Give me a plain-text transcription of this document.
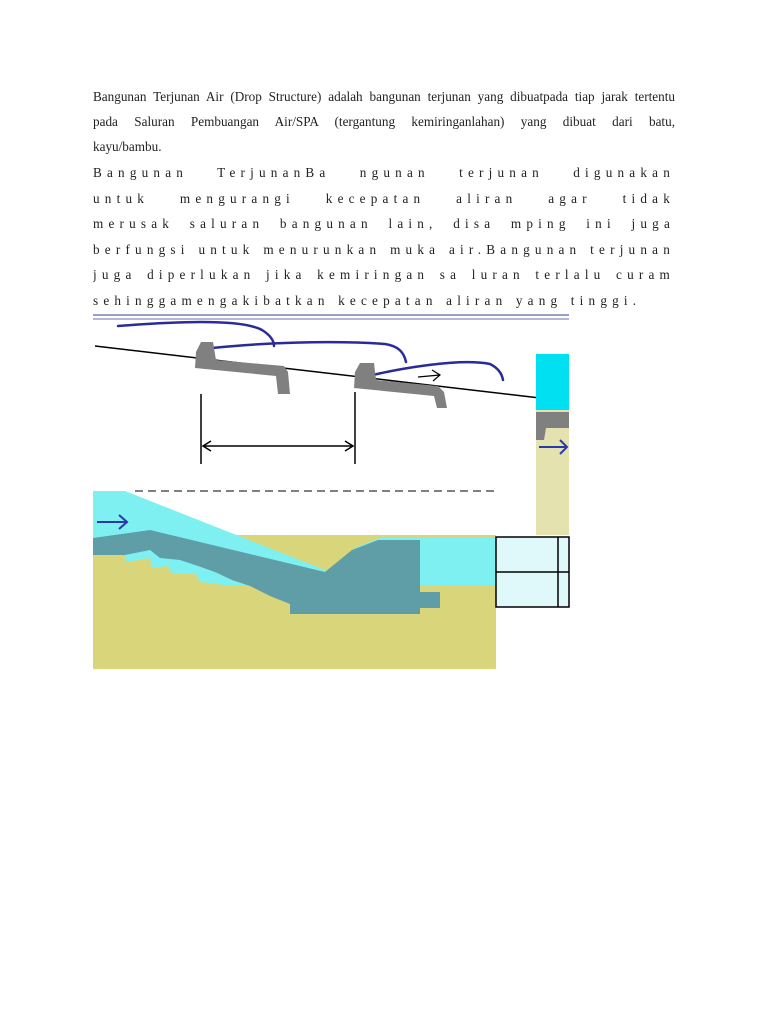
Bangunan Terjunan Air (Drop Structure) adalah bangunan terjunan yang dibuatpada tiap jarak tertentu
pada Saluran Pembuangan Air/SPA (tergantung kemiringanlahan) yang dibuat dari batu,
kayu/bambu.
Bangunan TerjunanBa ngunan terjunan digunakan
untuk mengurangi kecepatan aliran agar tidak
merusak saluran bangunan lain, disa mping ini juga
berfungsi untuk menurunkan muka air.Bangunan terjunan
juga diperlukan jika kemiringan sa luran terlalu curam
sehinggamengakibatkan kecepatan aliran yang tinggi.
